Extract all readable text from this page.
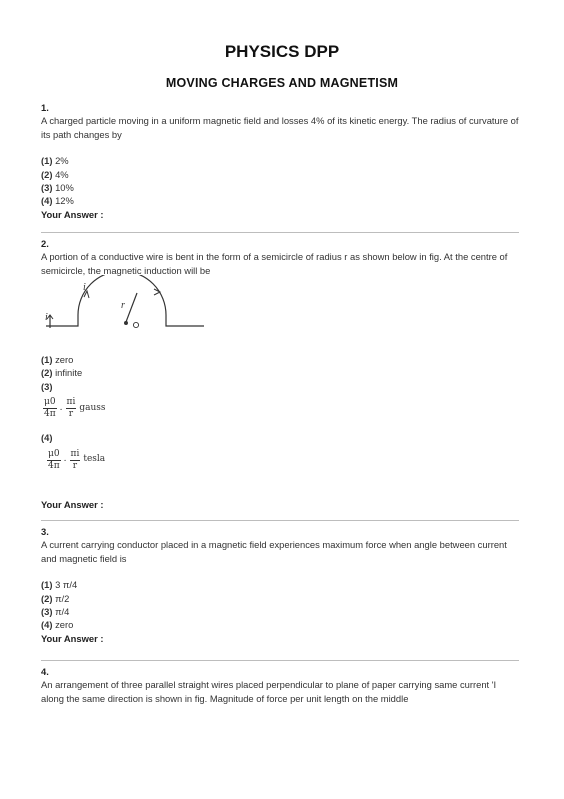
PHYSICS DPP
MOVING CHARGES AND MAGNETISM
1.
A charged particle moving in a uniform magnetic field and losses 4% of its kinetic energy. The radius of curvature of its path changes by
(1) 2%
(2) 4%
(3) 10%
(4) 12%
Your Answer :
2.
A portion of a conductive wire is bent in the form of a semicircle of radius r as shown below in fig. At the centre of semicircle, the magnetic induction will be
i
i
r
(1) zero
(2) infinite
(3)
$\frac{\mu 0}{4\pi}$ . $\frac{\pi i}{r}$ gauss
(4)
$\frac{\mu 0}{4\pi}$ . $\frac{\pi i}{r}$ tesla
Your Answer :
3.
A current carrying conductor placed in a magnetic field experiences maximum force when angle between current and magnetic field is
(1) 3 π/4
(2) π/2
(3) π/4
(4) zero
Your Answer :
4.
An arrangement of three parallel straight wires placed perpendicular to plane of paper carrying same current 'I along the same direction is shown in fig. Magnitude of force per unit length on the middle
